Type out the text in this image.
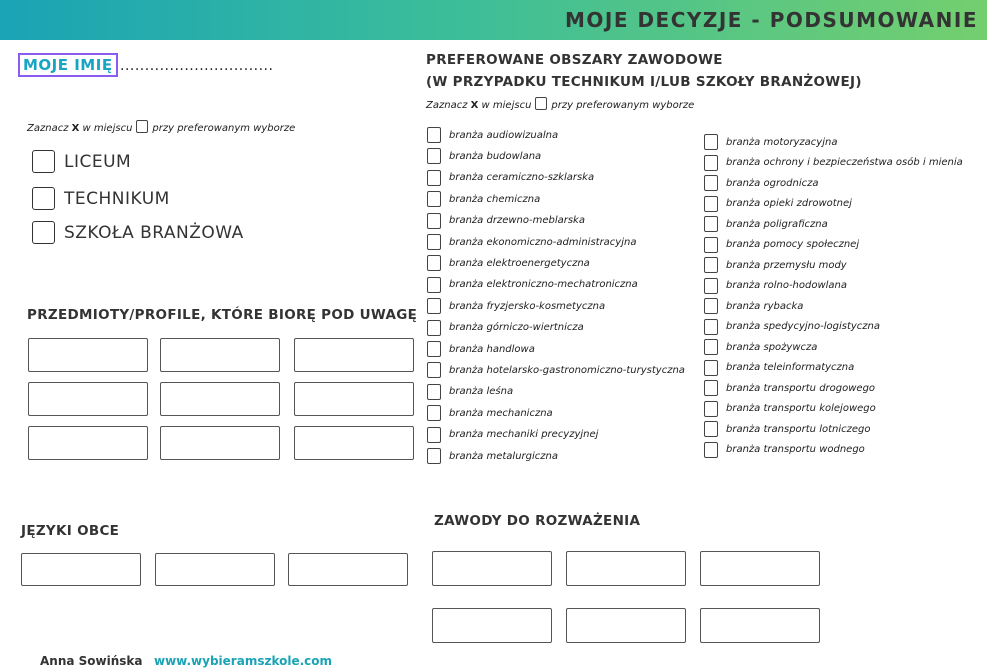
MOJE DECYZJE - PODSUMOWANIE
MOJE IMIĘ ...............................
Zaznacz X w miejscu przy preferowanym wyborze
LICEUM
TECHNIKUM
SZKOŁA BRANŻOWA
PRZEDMIOTY/PROFILE, KTÓRE BIORĘ POD UWAGĘ
JĘZYKI OBCE
PREFEROWANE OBSZARY ZAWODOWE
(W PRZYPADKU TECHNIKUM I/LUB SZKOŁY BRANŻOWEJ)
Zaznacz X w miejscu przy preferowanym wyborze
branża audiowizualna
branża budowlana
branża ceramiczno-szklarska
branża chemiczna
branża drzewno-meblarska
branża ekonomiczno-administracyjna
branża elektroenergetyczna
branża elektroniczno-mechatroniczna
branża fryzjersko-kosmetyczna
branża górniczo-wiertnicza
branża handlowa
branża hotelarsko-gastronomiczno-turystyczna
branża leśna
branża mechaniczna
branża mechaniki precyzyjnej
branża metalurgiczna
branża motoryzacyjna
branża ochrony i bezpieczeństwa osób i mienia
branża ogrodnicza
branża opieki zdrowotnej
branża poligraficzna
branża pomocy społecznej
branża przemysłu mody
branża rolno-hodowlana
branża rybacka
branża spedycyjno-logistyczna
branża spożywcza
branża teleinformatyczna
branża transportu drogowego
branża transportu kolejowego
branża transportu lotniczego
branża transportu wodnego
ZAWODY DO ROZWAŻENIA
Anna Sowińska www.wybieramszkole.com
